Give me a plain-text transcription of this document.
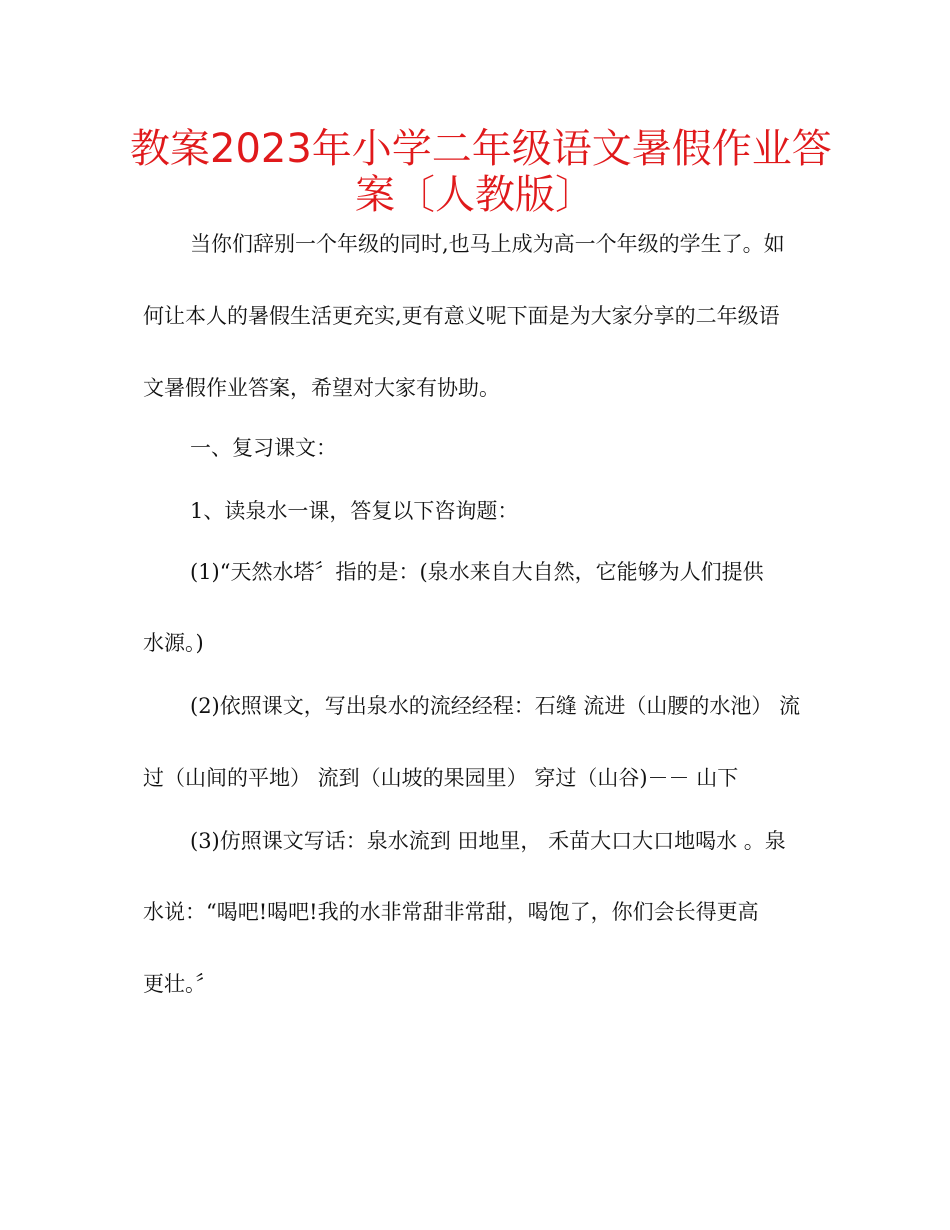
教案2023年小学二年级语文暑假作业答
案〔人教版〕
当你们辞别一个年级的同时,也马上成为高一个年级的学生了。如
何让本人的暑假生活更充实,更有意义呢下面是为大家分享的二年级语
文暑假作业答案，希望对大家有协助。
一、复习课文：
1、读泉水一课，答复以下咨询题：
(1)“天然水塔〞指的是：(泉水来自大自然，它能够为人们提供
水源。)
(2)依照课文，写出泉水的流经经程：石缝 流进（山腰的水池） 流
过（山间的平地） 流到（山坡的果园里） 穿过（山谷)－－ 山下
(3)仿照课文写话：泉水流到 田地里， 禾苗大口大口地喝水 。泉
水说：“喝吧!喝吧!我的水非常甜非常甜，喝饱了，你们会长得更高
更壮。〞
